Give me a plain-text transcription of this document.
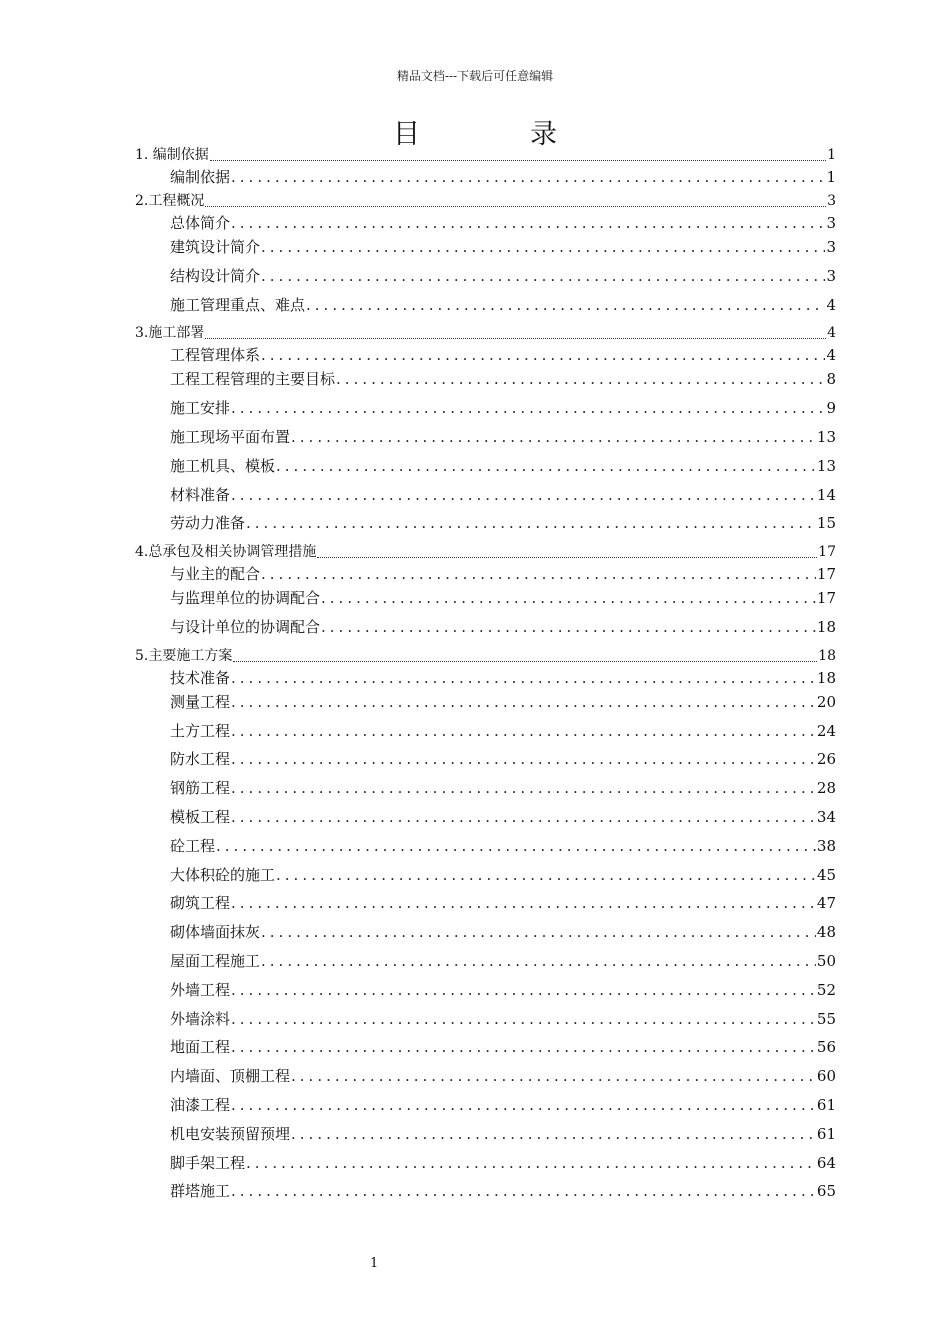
精品文档---下载后可任意编辑
目	录
1. 编制依据	1
编制依据 .....	1
2.工程概况	3
总体简介 .....	3
建筑设计简介 .....	3
结构设计简介 .....	3
施工管理重点、难点 .....	4
3.施工部署	4
工程管理体系 .....	4
工程工程管理的主要目标 .....	8
施工安排 .....	9
施工现场平面布置 .....	13
施工机具、模板 .....	13
材料准备 .....	14
劳动力准备 .....	15
4.总承包及相关协调管理措施	17
与业主的配合 .....	17
与监理单位的协调配合 .....	17
与设计单位的协调配合 .....	18
5.主要施工方案	18
技术准备 .....	18
测量工程 .....	20
土方工程 .....	24
防水工程 .....	26
钢筋工程 .....	28
模板工程 .....	34
砼工程 .....	38
大体积砼的施工 .....	45
砌筑工程 .....	47
砌体墙面抹灰 .....	48
屋面工程施工 .....	50
外墙工程 .....	52
外墙涂料 .....	55
地面工程 .....	56
内墙面、顶棚工程 .....	60
油漆工程 .....	61
机电安装预留预埋 .....	61
脚手架工程 .....	64
群塔施工 .....	65
1
